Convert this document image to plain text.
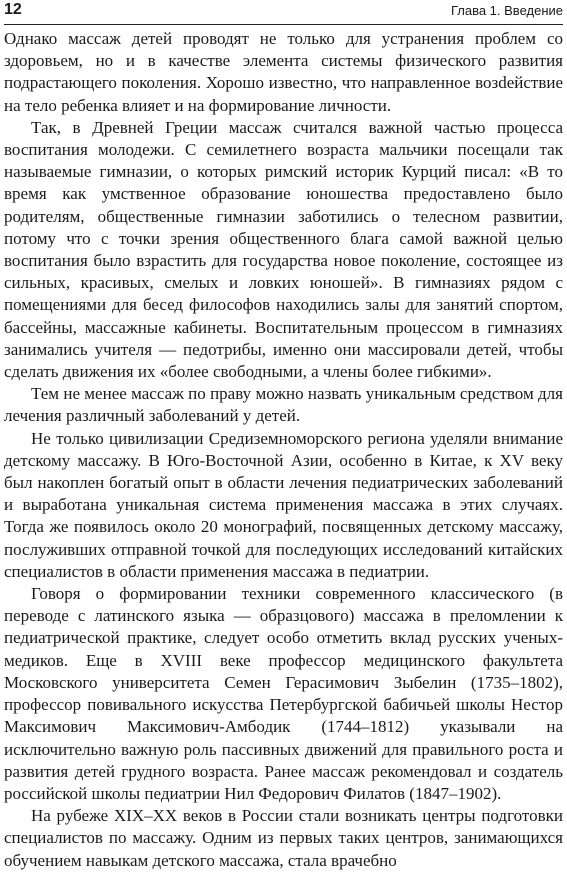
12	Глава 1. Введение

Однако массаж детей проводят не только для устранения проблем со здоровьем, но и в качестве элемента системы физического развития подрастающего поколения. Хорошо известно, что направленное возdействие на тело ребенка влияет и на формирование личности.

Так, в Древней Греции массаж считался важной частью процесса воспитания молодежи. С семилетнего возраста мальчики посещали так называемые гимназии, о которых римский историк Курций писал: «В то время как умственное образование юношества предоставлено было родителям, общественные гимназии заботились о телесном развитии, потому что с точки зрения общественного блага самой важной целью воспитания было взрастить для государства новое поколение, состоящее из сильных, красивых, смелых и ловких юношей». В гимназиях рядом с помещениями для бесед философов находились залы для занятий спортом, бассейны, массажные кабинеты. Воспитательным процессом в гимназиях занимались учителя — педотрибы, именно они массировали детей, чтобы сделать движения их «более свободными, а члены более гибкими».

Тем не менее массаж по праву можно назвать уникальным средством для лечения различный заболеваний у детей.

Не только цивилизации Средиземноморского региона уделяли внимание детскому массажу. В Юго-Восточной Азии, особенно в Китае, к XV веку был накоплен богатый опыт в области лечения педиатрических заболеваний и выработана уникальная система применения массажа в этих случаях. Тогда же появилось около 20 монографий, посвященных детскому массажу, послуживших отправной точкой для последующих исследований китайских специалистов в области применения массажа в педиатрии.

Говоря о формировании техники современного классического (в переводе с латинского языка — образцового) массажа в преломлении к педиатрической практике, следует особо отметить вклад русских ученых-медиков. Еще в XVIII веке профессор медицинского факультета Московского университета Семен Герасимович Зыбелин (1735–1802), профессор повивального искусства Петербургской бабичьей школы Нестор Максимович Максимович-Амбодик (1744–1812) указывали на исключительно важную роль пассивных движений для правильного роста и развития детей грудного возраста. Ранее массаж рекомендовал и создатель российской школы педиатрии Нил Федорович Филатов (1847–1902).

На рубеже XIX–XX веков в России стали возникать центры подготовки специалистов по массажу. Одним из первых таких центров, занимающихся обучением навыкам детского массажа, стала врачебно
